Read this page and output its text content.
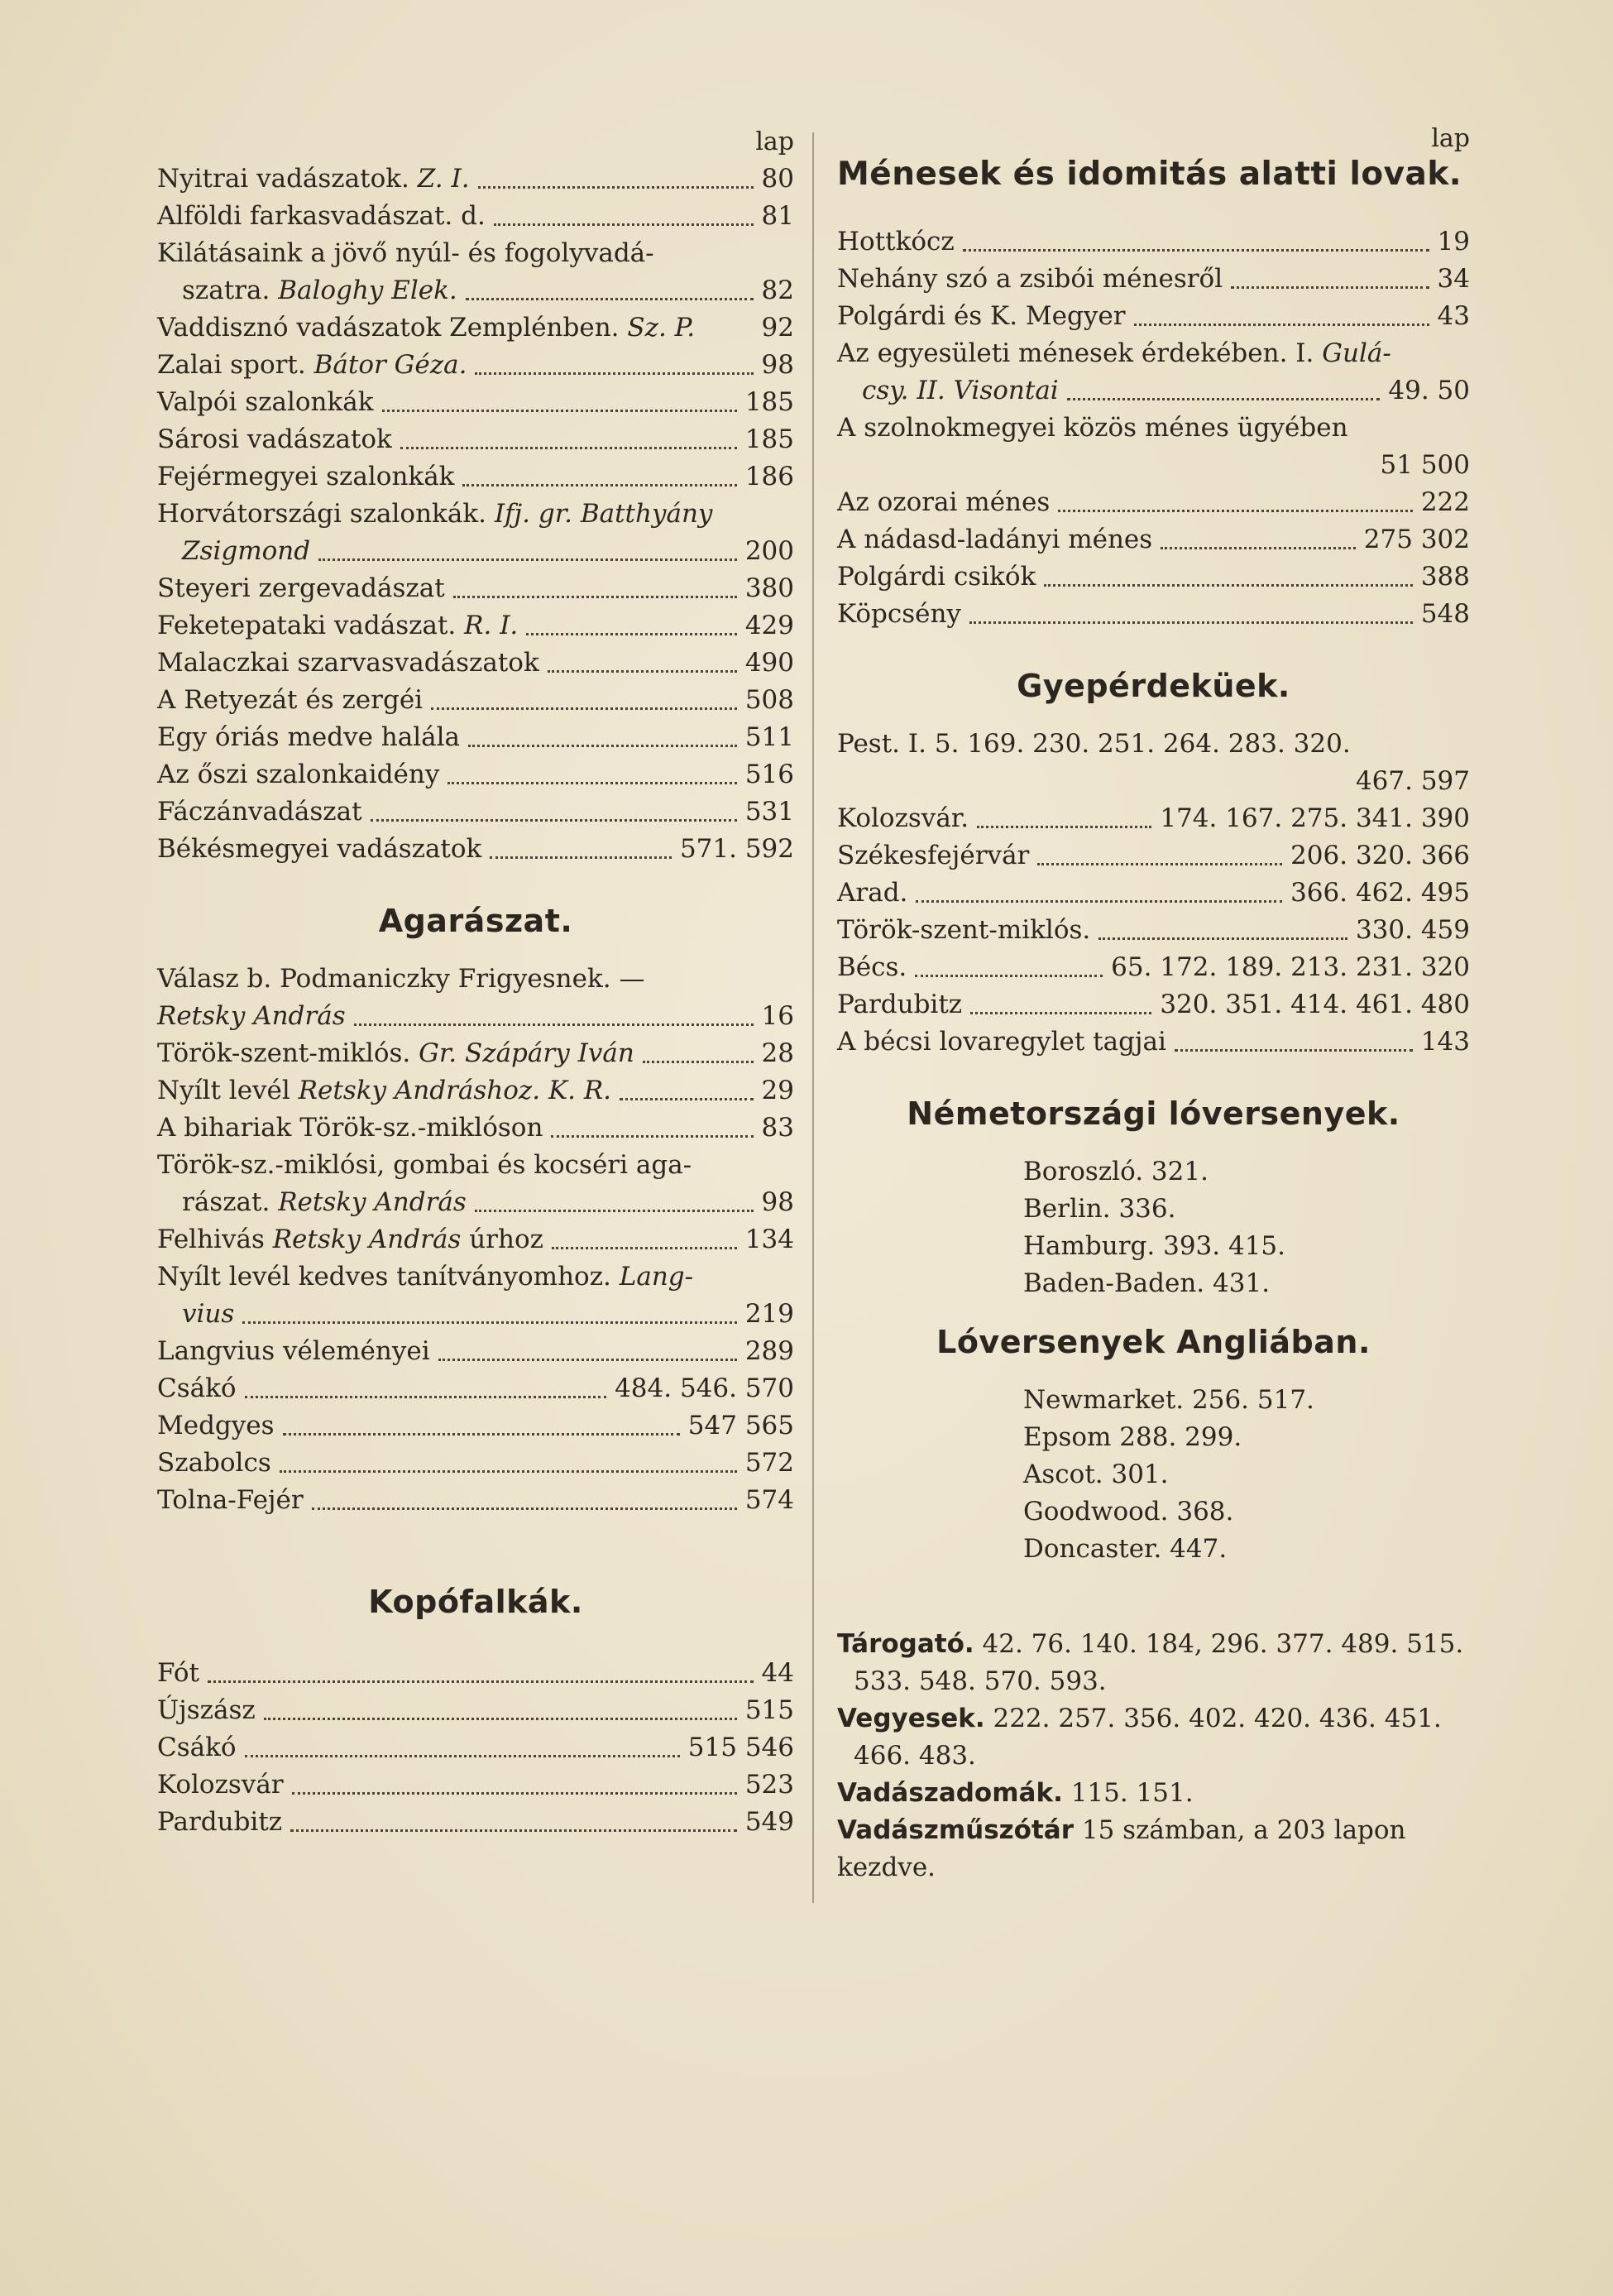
lap
Nyitrai vadászatok. Z. I.	80
Alföldi farkasvadászat. d.	81
Kilátásaink a jövő nyúl- és fogolyvadá-
szatra. Baloghy Elek.	82
Vaddisznó vadászatok Zemplénben. Sz. P.	92
Zalai sport. Bátor Géza.	98
Valpói szalonkák	185
Sárosi vadászatok	185
Fejérmegyei szalonkák	186
Horvátországi szalonkák. Ifj. gr. Batthyány
Zsigmond	200
Steyeri zergevadászat	380
Feketepataki vadászat. R. I.	429
Malaczkai szarvasvadászatok	490
A Retyezát és zergéi	508
Egy óriás medve halála	511
Az őszi szalonkaidény	516
Fáczánvadászat	531
Békésmegyei vadászatok	571. 592
Agarászat.
Válasz b. Podmaniczky Frigyesnek. —
Retsky András	16
Török-szent-miklós. Gr. Szápáry Iván	28
Nyílt levél Retsky Andráshoz. K. R.	29
A bihariak Török-sz.-miklóson	83
Török-sz.-miklósi, gombai és kocséri aga-
rászat. Retsky András	98
Felhivás Retsky András úrhoz	134
Nyílt levél kedves tanítványomhoz. Lang-
vius	219
Langvius véleményei	289
Csákó	484. 546. 570
Medgyes	547 565
Szabolcs	572
Tolna-Fejér	574
Kopófalkák.
Fót	44
Újszász	515
Csákó	515 546
Kolozsvár	523
Pardubitz	549
lap
Ménesek és idomitás alatti lovak.
Hottkócz	19
Nehány szó a zsibói ménesről	34
Polgárdi és K. Megyer	43
Az egyesületi ménesek érdekében. I. Gulá-
csy. II. Visontai	49. 50
A szolnokmegyei közös ménes ügyében
51 500
Az ozorai ménes	222
A nádasd-ladányi ménes	275 302
Polgárdi csikók	388
Köpcsény	548
Gyepérdeküek.
Pest. I. 5. 169. 230. 251. 264. 283. 320.
467. 597
Kolozsvár.	174. 167. 275. 341. 390
Székesfejérvár	206. 320. 366
Arad.	366. 462. 495
Török-szent-miklós.	330. 459
Bécs.	65. 172. 189. 213. 231. 320
Pardubitz	320. 351. 414. 461. 480
A bécsi lovaregylet tagjai	143
Németországi lóversenyek.
Boroszló. 321.
Berlin. 336.
Hamburg. 393. 415.
Baden-Baden. 431.
Lóversenyek Angliában.
Newmarket. 256. 517.
Epsom 288. 299.
Ascot. 301.
Goodwood. 368.
Doncaster. 447.
Tárogató. 42. 76. 140. 184, 296. 377. 489. 515.
533. 548. 570. 593.
Vegyesek. 222. 257. 356. 402. 420. 436. 451.
466. 483.
Vadászadomák. 115. 151.
Vadászműszótár 15 számban, a 203 lapon
kezdve.
